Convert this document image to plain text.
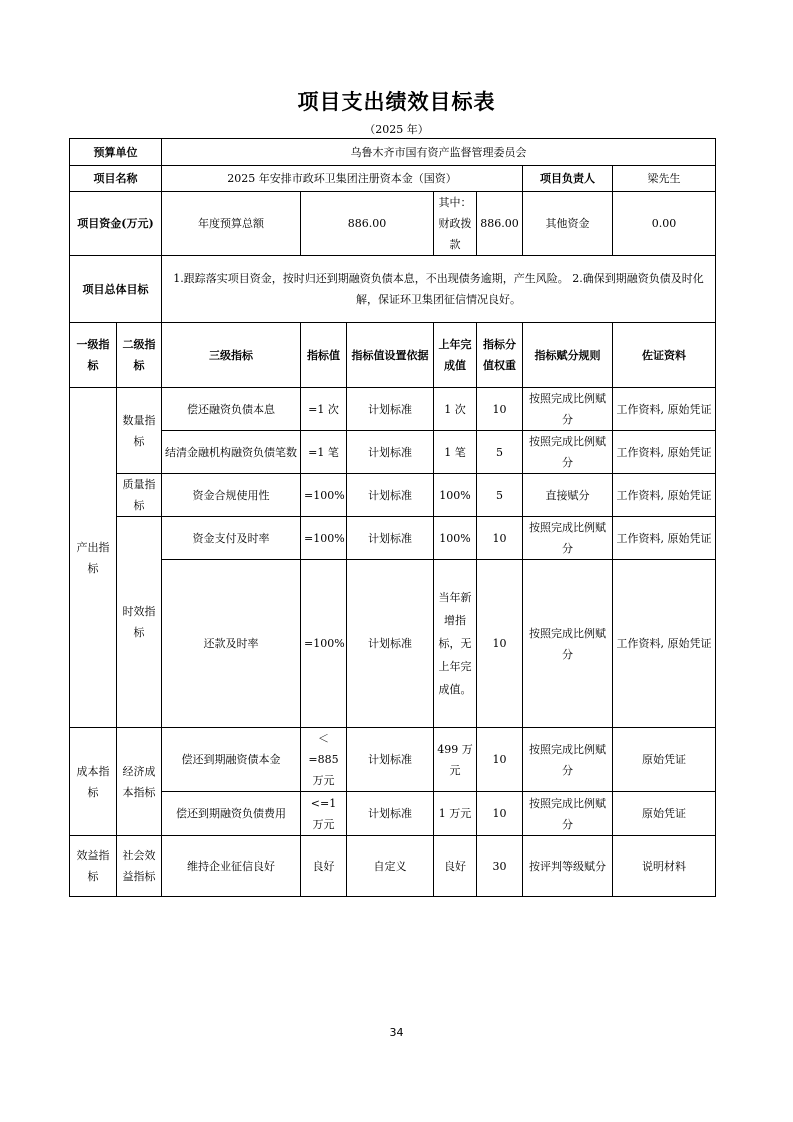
项目支出绩效目标表
（2025 年）
预算单位		乌鲁木齐市国有资产监督管理委员会						
项目名称		2025 年安排市政环卫集团注册资本金（国资）					项目负责人	梁先生
项目资金(万元)		年度预算总额	886.00		其中：财政拨款	886.00	其他资金	0.00
项目总体目标		1.跟踪落实项目资金，按时归还到期融资负债本息，不出现债务逾期，产生风险。 2.确保到期融资负债及时化解，保证环卫集团征信情况良好。						
一级指标	二级指标	三级指标	指标值	指标值设置依据	上年完成值	指标分值权重	指标赋分规则	佐证资料
产出指标	数量指标	偿还融资负债本息	=1 次	计划标准	1 次	10	按照完成比例赋分	工作资料, 原始凭证
		结清金融机构融资负债笔数	=1 笔	计划标准	1 笔	5	按照完成比例赋分	工作资料, 原始凭证
	质量指标	资金合规使用性	=100%	计划标准	100%	5	直接赋分	工作资料, 原始凭证
	时效指标	资金支付及时率	=100%	计划标准	100%	10	按照完成比例赋分	工作资料, 原始凭证
		还款及时率	=100%	计划标准	当年新增指标，无上年完成值。	10	按照完成比例赋分	工作资料, 原始凭证
成本指标	经济成本指标	偿还到期融资债本金	＜=885 万元	计划标准	499 万元	10	按照完成比例赋分	原始凭证
		偿还到期融资负债费用	<=1 万元	计划标准	1 万元	10	按照完成比例赋分	原始凭证
效益指标	社会效益指标	维持企业征信良好	良好	自定义	良好	30	按评判等级赋分	说明材料
34
